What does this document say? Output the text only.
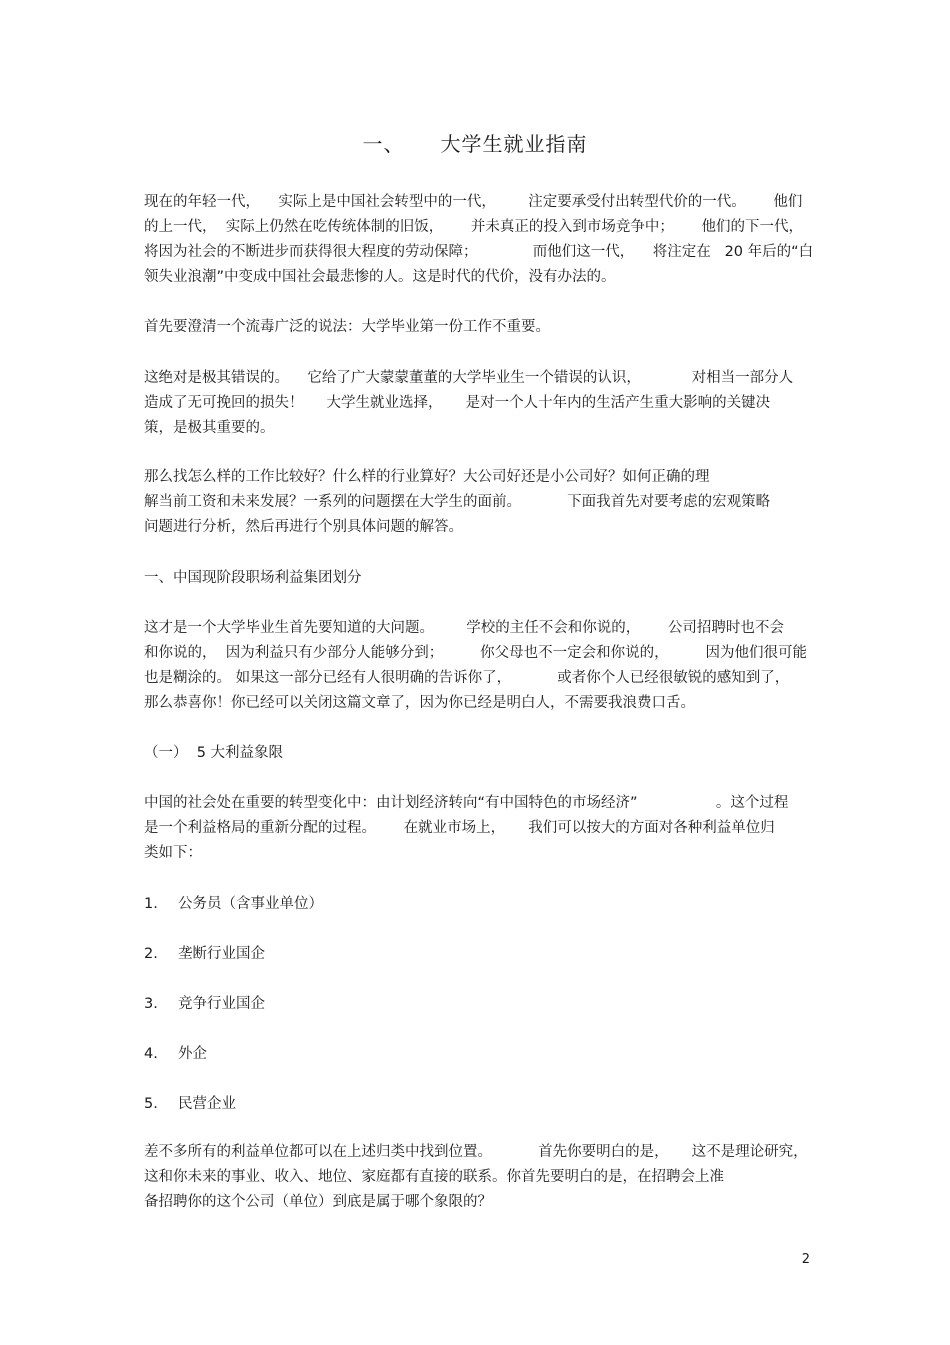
一、 大学生就业指南
现在的年轻一代，    实际上是中国社会转型中的一代，       注定要承受付出转型代价的一代。      他们
的上一代，  实际上仍然在吃传统体制的旧饭，      并未真正的投入到市场竞争中；      他们的下一代，
将因为社会的不断进步而获得很大程度的劳动保障；            而他们这一代，    将注定在   20 年后的“白
领失业浪潮”中变成中国社会最悲惨的人。这是时代的代价，没有办法的。
首先要澄清一个流毒广泛的说法：大学毕业第一份工作不重要。
这绝对是极其错误的。    它给了广大蒙蒙董董的大学毕业生一个错误的认识，           对相当一部分人
造成了无可挽回的损失！     大学生就业选择，     是对一个人十年内的生活产生重大影响的关键决
策，是极其重要的。
那么找怎么样的工作比较好？什么样的行业算好？大公司好还是小公司好？如何正确的理
解当前工资和未来发展？一系列的问题摆在大学生的面前。          下面我首先对要考虑的宏观策略
问题进行分析，然后再进行个别具体问题的解答。
一、中国现阶段职场利益集团划分
这才是一个大学毕业生首先要知道的大问题。       学校的主任不会和你说的，      公司招聘时也不会
和你说的，  因为利益只有少部分人能够分到；        你父母也不一定会和你说的，        因为他们很可能
也是糊涂的。 如果这一部分已经有人很明确的告诉你了，          或者你个人已经很敏锐的感知到了，
那么恭喜你！你已经可以关闭这篇文章了，因为你已经是明白人，不需要我浪费口舌。
（一）  5 大利益象限
中国的社会处在重要的转型变化中：由计划经济转向“有中国特色的市场经济”                 。这个过程
是一个利益格局的重新分配的过程。      在就业市场上，     我们可以按大的方面对各种利益单位归
类如下：
1. 公务员（含事业单位）
2. 垄断行业国企
3. 竞争行业国企
4. 外企
5. 民营企业
差不多所有的利益单位都可以在上述归类中找到位置。          首先你要明白的是，     这不是理论研究，
这和你未来的事业、收入、地位、家庭都有直接的联系。你首先要明白的是，在招聘会上准
备招聘你的这个公司（单位）到底是属于哪个象限的？
2
